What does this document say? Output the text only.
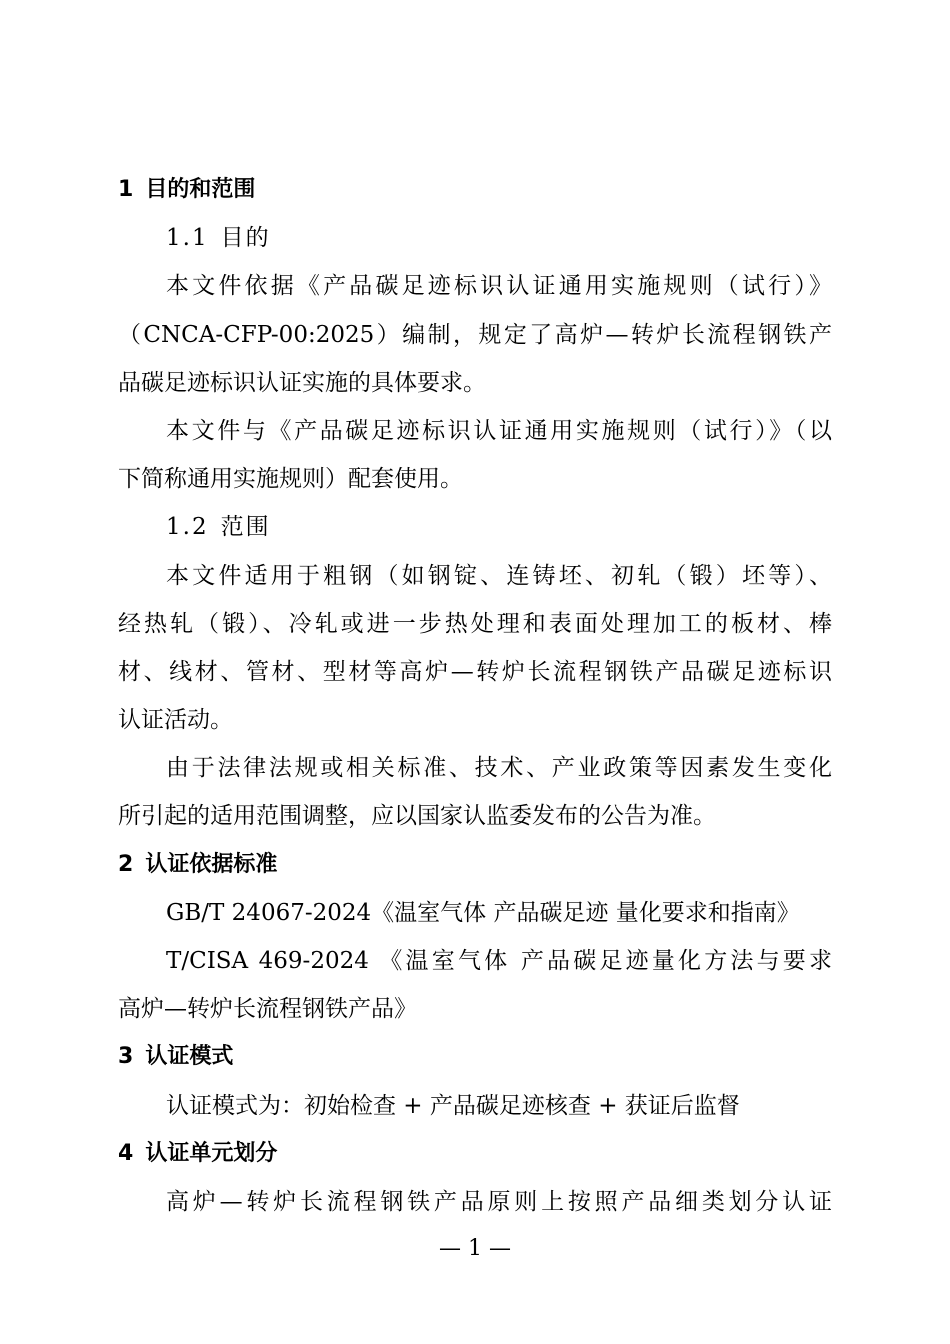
1 目的和范围
1.1 目的
本文件依据《产品碳足迹标识认证通用实施规则（试行）》
（CNCA-CFP-00:2025）编制，规定了高炉—转炉长流程钢铁产
品碳足迹标识认证实施的具体要求。
本文件与《产品碳足迹标识认证通用实施规则（试行）》（以
下简称通用实施规则）配套使用。
1.2 范围
本文件适用于粗钢（如钢锭、连铸坯、初轧（锻）坯等）、
经热轧（锻）、冷轧或进一步热处理和表面处理加工的板材、棒
材、线材、管材、型材等高炉—转炉长流程钢铁产品碳足迹标识
认证活动。
由于法律法规或相关标准、技术、产业政策等因素发生变化
所引起的适用范围调整，应以国家认监委发布的公告为准。
2 认证依据标准
GB/T 24067-2024《温室气体 产品碳足迹 量化要求和指南》
T/CISA 469-2024 《温室气体 产品碳足迹量化方法与要求
高炉—转炉长流程钢铁产品》
3 认证模式
认证模式为：初始检查 + 产品碳足迹核查 + 获证后监督
4 认证单元划分
高炉—转炉长流程钢铁产品原则上按照产品细类划分认证
— 1 —
